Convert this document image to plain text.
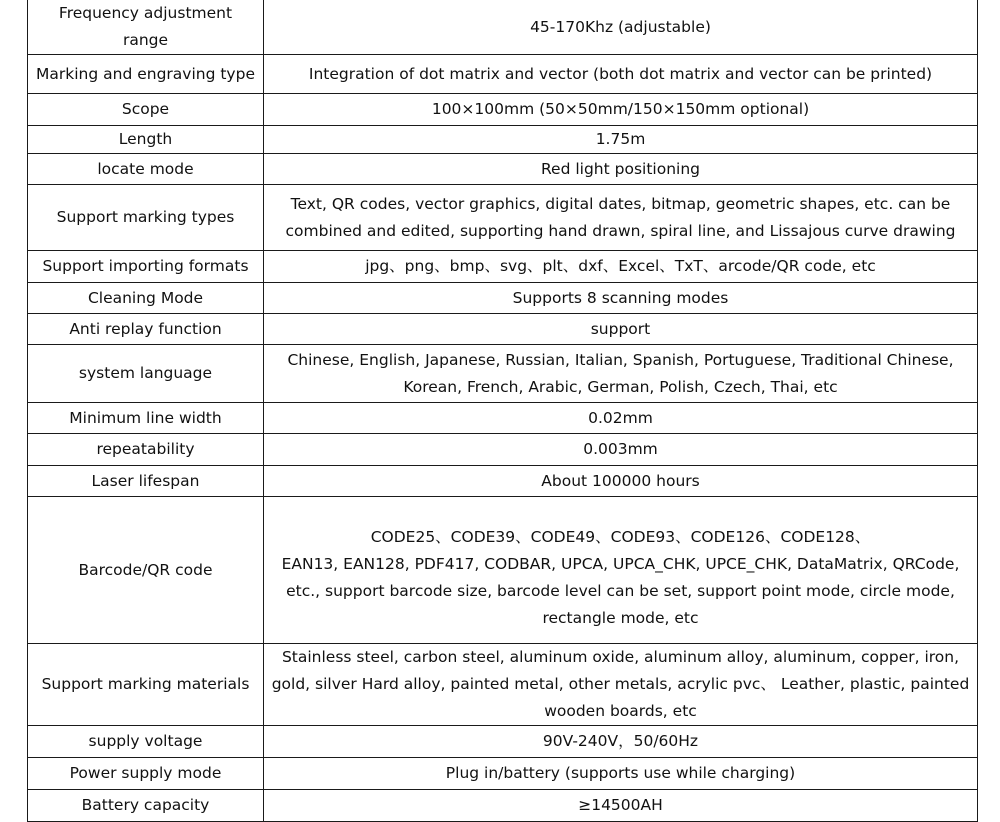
Frequency adjustment range	45-170Khz (adjustable)
Marking and engraving type	Integration of dot matrix and vector (both dot matrix and vector can be printed)
Scope	100×100mm (50×50mm/150×150mm optional)
Length	1.75m
locate mode	Red light positioning
Support marking types	Text, QR codes, vector graphics, digital dates, bitmap, geometric shapes, etc. can be
combined and edited, supporting hand drawn, spiral line, and Lissajous curve drawing
Support importing formats	jpg、png、bmp、svg、plt、dxf、Excel、TxT、arcode/QR code, etc
Cleaning Mode	Supports 8 scanning modes
Anti replay function	support
system language	Chinese, English, Japanese, Russian, Italian, Spanish, Portuguese, Traditional Chinese,
Korean, French, Arabic, German, Polish, Czech, Thai, etc
Minimum line width	0.02mm
repeatability	0.003mm
Laser lifespan	About 100000 hours
Barcode/QR code	CODE25、CODE39、CODE49、CODE93、CODE126、CODE128、
EAN13, EAN128, PDF417, CODBAR, UPCA, UPCA_CHK, UPCE_CHK, DataMatrix, QRCode,
etc., support barcode size, barcode level can be set, support point mode, circle mode,
rectangle mode, etc

Support marking materials	Stainless steel, carbon steel, aluminum oxide, aluminum alloy, aluminum, copper, iron,
gold, silver Hard alloy, painted metal, other metals, acrylic pvc、 Leather, plastic, painted
wooden boards, etc
supply voltage	90V-240V，50/60Hz
Power supply mode	Plug in/battery (supports use while charging)
Battery capacity	≥14500AH
